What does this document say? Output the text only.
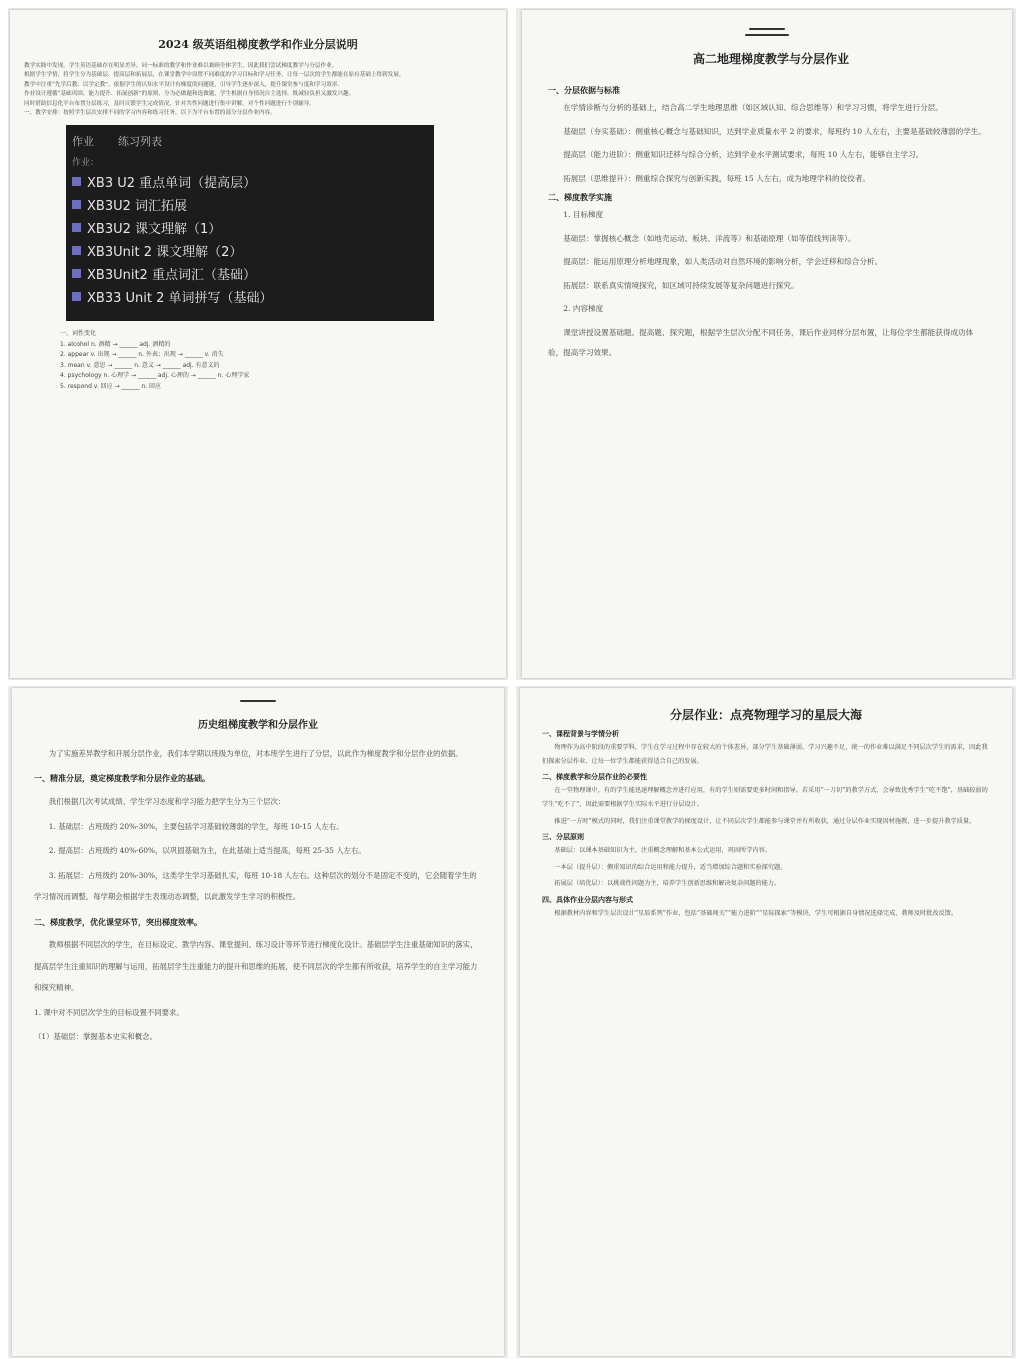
2024 级英语组梯度教学和作业分层说明
教学实践中发现，学生英语基础存在明显差异，同一标准的教学和作业难以兼顾全体学生，因此我们尝试梯度教学与分层作业。
根据学生学情，将学生分为基础层、提高层和拓展层，在课堂教学中设置不同难度的学习目标和学习任务，让每一层次的学生都能在原有基础上得到发展。
教学中注重“先学后教、以学定教”，依据学生的认知水平设计有梯度的问题链，引导学生逐步深入，提升课堂参与度和学习效率。
作业设计遵循“基础巩固、能力提升、拓展创新”的原则，分为必做题和选做题，学生根据自身情况自主选择，既减轻负担又激发兴趣。
同时借助信息化平台布置分层练习，及时反馈学生完成情况，针对共性问题进行集中讲解，对个性问题进行个别辅导。
一、教学安排：按照学生层次安排不同的学习内容和练习任务，以下为平台布置的部分分层作业内容。
作业 练习列表
作业：
XB3 U2 重点单词（提高层）
XB3U2 词汇拓展
XB3U2 课文理解（1）
XB3Unit 2 课文理解（2）
XB3Unit2 重点词汇（基础）
XB33 Unit 2 单词拼写（基础）
一、词性变化
1. alcohol n. 酒精 → ______ adj. 酒精的
2. appear v. 出现 → ______ n. 外表；出现 → ______ v. 消失
3. mean v. 意思 → ______ n. 意义 → ______ adj. 有意义的
4. psychology n. 心理学 → ______ adj. 心理的 → ______ n. 心理学家
5. respond v. 回应 → ______ n. 回应
高二地理梯度教学与分层作业
一、分层依据与标准
在学情诊断与分析的基础上，结合高二学生地理思维（如区域认知、综合思维等）和学习习惯，将学生进行分层。
基础层（夯实基础）：侧重核心概念与基础知识，达到学业质量水平 2 的要求，每班约 10 人左右，主要是基础较薄弱的学生。
提高层（能力进阶）：侧重知识迁移与综合分析，达到学业水平测试要求，每班 10 人左右，能够自主学习。
拓展层（思维提升）：侧重综合探究与创新实践，每班 15 人左右，成为地理学科的佼佼者。
二、梯度教学实施
1. 目标梯度
基础层：掌握核心概念（如地壳运动、板块、洋流等）和基础原理（如等值线判读等）。
提高层：能运用原理分析地理现象，如人类活动对自然环境的影响分析，学会迁移和综合分析。
拓展层：联系真实情境探究，如区域可持续发展等复杂问题进行探究。
2. 内容梯度
课堂讲授设置基础题、提高题、探究题，根据学生层次分配不同任务，课后作业同样分层布置，让每位学生都能获得成功体验，提高学习效果。
历史组梯度教学和分层作业
为了实施差异教学和开展分层作业，我们本学期以班级为单位，对本班学生进行了分层，以此作为梯度教学和分层作业的依据。
一、精准分层，奠定梯度教学和分层作业的基础。
我们根据几次考试成绩、学生学习态度和学习能力把学生分为三个层次：
1. 基础层：占班级约 20%-30%，主要包括学习基础较薄弱的学生，每班 10-15 人左右。
2. 提高层：占班级约 40%-60%，以巩固基础为主，在此基础上适当提高，每班 25-35 人左右。
3. 拓展层：占班级约 20%-30%，这类学生学习基础扎实，每班 10-18 人左右。这种层次的划分不是固定不变的，它会随着学生的学习情况而调整，每学期会根据学生表现动态调整，以此激发学生学习的积极性。
二、梯度教学，优化课堂环节，突出梯度效率。
教师根据不同层次的学生，在目标设定、教学内容、课堂提问、练习设计等环节进行梯度化设计。基础层学生注重基础知识的落实，提高层学生注重知识的理解与运用，拓展层学生注重能力的提升和思维的拓展，使不同层次的学生都有所收获，培养学生的自主学习能力和探究精神。
1. 课中对不同层次学生的目标设置不同要求。
（1）基础层：掌握基本史实和概念。
分层作业：点亮物理学习的星辰大海
一、课程背景与学情分析
物理作为高中阶段的重要学科，学生在学习过程中存在较大的个体差异，部分学生基础薄弱、学习兴趣不足，统一的作业难以满足不同层次学生的需求，因此我们探索分层作业，让每一位学生都能获得适合自己的发展。
二、梯度教学和分层作业的必要性
在一堂物理课中，有的学生能迅速理解概念并进行应用，有的学生则需要更多时间和指导。若采用“一刀切”的教学方式，会导致优秀学生“吃不饱”，基础较弱的学生“吃不了”，因此需要根据学生实际水平进行分层设计。
推进“一方时”模式的同时，我们注重课堂教学的梯度设计，让不同层次学生都能参与课堂并有所收获，通过分层作业实现因材施教，进一步提升教学质量。
三、分层原则
基础层：以课本基础知识为主，注重概念理解和基本公式运用，巩固所学内容。
一本层（提升层）：侧重知识的综合运用和能力提升，适当增加综合题和实验探究题。
拓展层（培优层）：以挑战性问题为主，培养学生创新思维和解决复杂问题的能力。
四、具体作业分层内容与形式
根据教材内容和学生层次设计“星辰系列”作业，包括“基础闯关”“能力进阶”“星际探索”等模块，学生可根据自身情况选择完成，教师及时批改反馈。
